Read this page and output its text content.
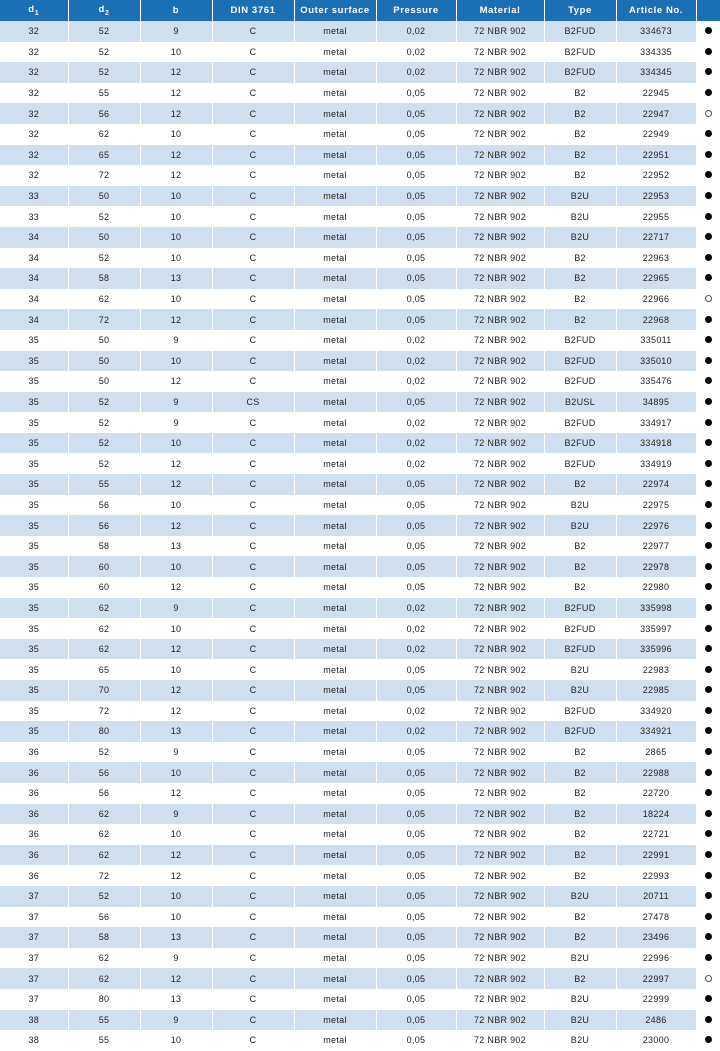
$d_1$	$d_2$	b	DIN 3761	Outer surface	Pressure	Material	Type	Article No.	
32	52	9	C	metal	0,02	72 NBR 902	B2FUD	334673	
32	52	10	C	metal	0,02	72 NBR 902	B2FUD	334335	
32	52	12	C	metal	0,02	72 NBR 902	B2FUD	334345	
32	55	12	C	metal	0,05	72 NBR 902	B2	22945	
32	56	12	C	metal	0,05	72 NBR 902	B2	22947	
32	62	10	C	metal	0,05	72 NBR 902	B2	22949	
32	65	12	C	metal	0,05	72 NBR 902	B2	22951	
32	72	12	C	metal	0,05	72 NBR 902	B2	22952	
33	50	10	C	metal	0,05	72 NBR 902	B2U	22953	
33	52	10	C	metal	0,05	72 NBR 902	B2U	22955	
34	50	10	C	metal	0,05	72 NBR 902	B2U	22717	
34	52	10	C	metal	0,05	72 NBR 902	B2	22963	
34	58	13	C	metal	0,05	72 NBR 902	B2	22965	
34	62	10	C	metal	0,05	72 NBR 902	B2	22966	
34	72	12	C	metal	0,05	72 NBR 902	B2	22968	
35	50	9	C	metal	0,02	72 NBR 902	B2FUD	335011	
35	50	10	C	metal	0,02	72 NBR 902	B2FUD	335010	
35	50	12	C	metal	0,02	72 NBR 902	B2FUD	335476	
35	52	9	CS	metal	0,05	72 NBR 902	B2USL	34895	
35	52	9	C	metal	0,02	72 NBR 902	B2FUD	334917	
35	52	10	C	metal	0,02	72 NBR 902	B2FUD	334918	
35	52	12	C	metal	0,02	72 NBR 902	B2FUD	334919	
35	55	12	C	metal	0,05	72 NBR 902	B2	22974	
35	56	10	C	metal	0,05	72 NBR 902	B2U	22975	
35	56	12	C	metal	0,05	72 NBR 902	B2U	22976	
35	58	13	C	metal	0,05	72 NBR 902	B2	22977	
35	60	10	C	metal	0,05	72 NBR 902	B2	22978	
35	60	12	C	metal	0,05	72 NBR 902	B2	22980	
35	62	9	C	metal	0,02	72 NBR 902	B2FUD	335998	
35	62	10	C	metal	0,02	72 NBR 902	B2FUD	335997	
35	62	12	C	metal	0,02	72 NBR 902	B2FUD	335996	
35	65	10	C	metal	0,05	72 NBR 902	B2U	22983	
35	70	12	C	metal	0,05	72 NBR 902	B2U	22985	
35	72	12	C	metal	0,02	72 NBR 902	B2FUD	334920	
35	80	13	C	metal	0,02	72 NBR 902	B2FUD	334921	
36	52	9	C	metal	0,05	72 NBR 902	B2	2865	
36	56	10	C	metal	0,05	72 NBR 902	B2	22988	
36	56	12	C	metal	0,05	72 NBR 902	B2	22720	
36	62	9	C	metal	0,05	72 NBR 902	B2	18224	
36	62	10	C	metal	0,05	72 NBR 902	B2	22721	
36	62	12	C	metal	0,05	72 NBR 902	B2	22991	
36	72	12	C	metal	0,05	72 NBR 902	B2	22993	
37	52	10	C	metal	0,05	72 NBR 902	B2U	20711	
37	56	10	C	metal	0,05	72 NBR 902	B2	27478	
37	58	13	C	metal	0,05	72 NBR 902	B2	23496	
37	62	9	C	metal	0,05	72 NBR 902	B2U	22996	
37	62	12	C	metal	0,05	72 NBR 902	B2	22997	
37	80	13	C	metal	0,05	72 NBR 902	B2U	22999	
38	55	9	C	metal	0,05	72 NBR 902	B2U	2486	
38	55	10	C	metal	0,05	72 NBR 902	B2U	23000	
